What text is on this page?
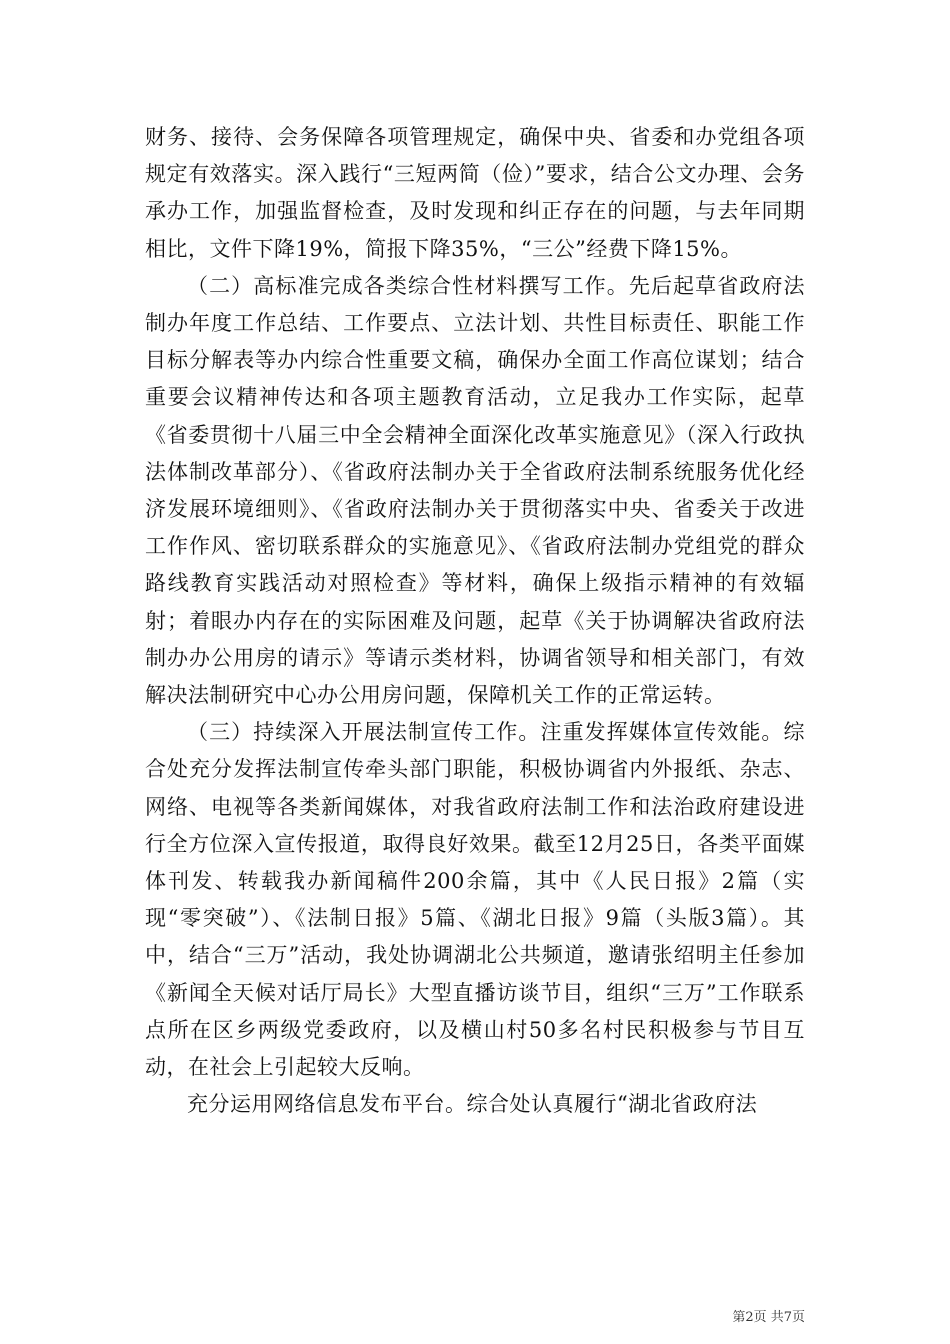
财务、接待、会务保障各项管理规定，确保中央、省委和办党组各项规定有效落实。深入践行“三短两简（俭）”要求，结合公文办理、会务承办工作，加强监督检查，及时发现和纠正存在的问题，与去年同期相比，文件下降19%，简报下降35%，“三公”经费下降15%。

（二）高标准完成各类综合性材料撰写工作。先后起草省政府法制办年度工作总结、工作要点、立法计划、共性目标责任、职能工作目标分解表等办内综合性重要文稿，确保办全面工作高位谋划；结合重要会议精神传达和各项主题教育活动，立足我办工作实际，起草《省委贯彻十八届三中全会精神全面深化改革实施意见》（深入行政执法体制改革部分）、《省政府法制办关于全省政府法制系统服务优化经济发展环境细则》、《省政府法制办关于贯彻落实中央、省委关于改进工作作风、密切联系群众的实施意见》、《省政府法制办党组党的群众路线教育实践活动对照检查》等材料，确保上级指示精神的有效辐射；着眼办内存在的实际困难及问题，起草《关于协调解决省政府法制办办公用房的请示》等请示类材料，协调省领导和相关部门，有效解决法制研究中心办公用房问题，保障机关工作的正常运转。

（三）持续深入开展法制宣传工作。注重发挥媒体宣传效能。综合处充分发挥法制宣传牵头部门职能，积极协调省内外报纸、杂志、网络、电视等各类新闻媒体，对我省政府法制工作和法治政府建设进行全方位深入宣传报道，取得良好效果。截至12月25日，各类平面媒体刊发、转载我办新闻稿件200余篇，其中《人民日报》2篇（实现“零突破”）、《法制日报》5篇、《湖北日报》9篇（头版3篇）。其中，结合“三万”活动，我处协调湖北公共频道，邀请张绍明主任参加《新闻全天候对话厅局长》大型直播访谈节目，组织“三万”工作联系点所在区乡两级党委政府，以及横山村50多名村民积极参与节目互动，在社会上引起较大反响。

充分运用网络信息发布平台。综合处认真履行“湖北省政府法

第2页 共7页
